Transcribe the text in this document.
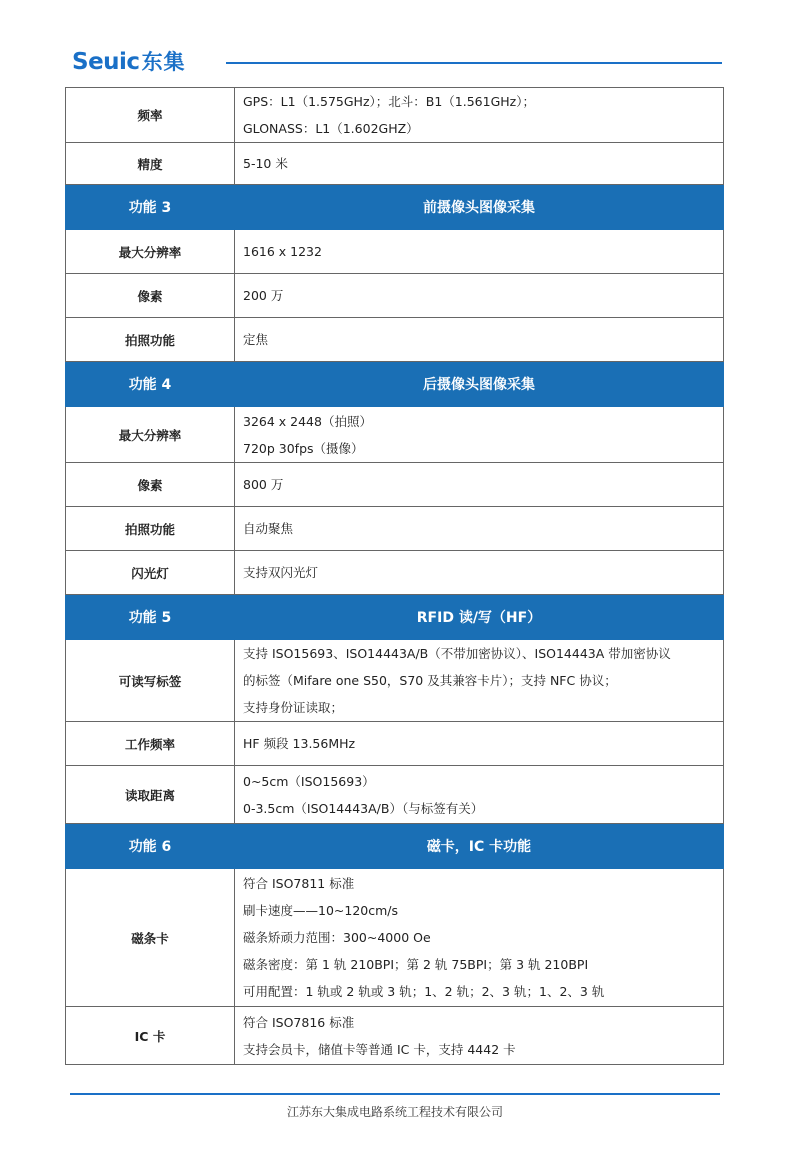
Seuic东集
频率	GPS：L1（1.575GHz）；北斗：B1（1.561GHz）；
GLONASS：L1（1.602GHZ）

精度	5-10 米

功能 3	前摄像头图像采集
最大分辨率	1616 x 1232

像素	200 万

拍照功能	定焦

功能 4	后摄像头图像采集
最大分辨率	3264 x 2448（拍照）
720p 30fps（摄像）

像素	800 万

拍照功能	自动聚焦

闪光灯	支持双闪光灯

功能 5	RFID 读/写（HF）
可读写标签	支持 ISO15693、ISO14443A/B（不带加密协议）、ISO14443A 带加密协议
的标签（Mifare one S50，S70 及其兼容卡片）；支持 NFC 协议；
支持身份证读取；

工作频率	HF 频段 13.56MHz

读取距离	0~5cm（ISO15693）
0-3.5cm（ISO14443A/B）（与标签有关）

功能 6	磁卡，IC 卡功能
磁条卡	符合 ISO7811 标准
刷卡速度——10~120cm/s
磁条矫顽力范围：300~4000 Oe
磁条密度：第 1 轨 210BPI；第 2 轨 75BPI；第 3 轨 210BPI
可用配置：1 轨或 2 轨或 3 轨；1、2 轨；2、3 轨；1、2、3 轨

IC 卡	符合 ISO7816 标准
支持会员卡，储值卡等普通 IC 卡，支持 4442 卡
江苏东大集成电路系统工程技术有限公司
